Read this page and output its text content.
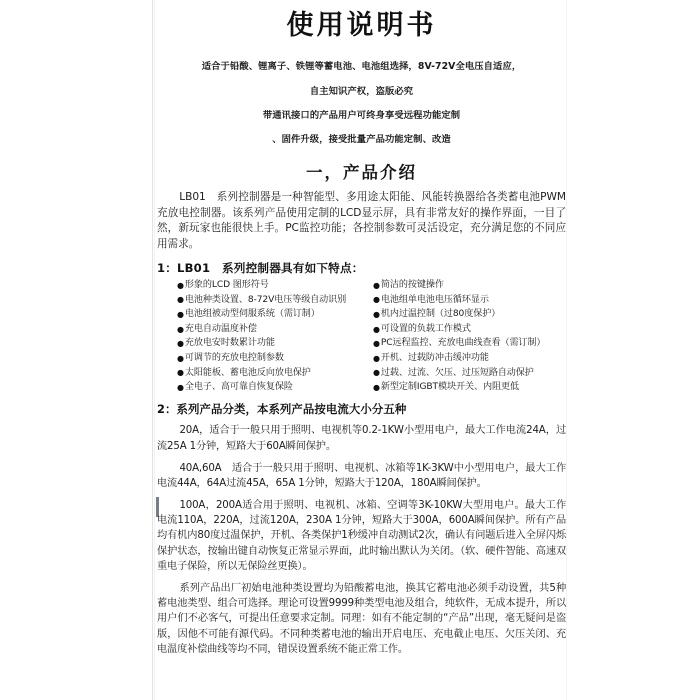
使用说明书

适合于铅酸、锂离子、铁锂等蓄电池、电池组选择，8V-72V全电压自适应，

自主知识产权，盗版必究

带通讯接口的产品用户可终身享受远程功能定制

、固件升级，接受批量产品功能定制、改造

一，产品介绍

LB01　系列控制器是一种智能型、多用途太阳能、风能转换器给各类蓄电池PWM充放电控制器。该系列产品使用定制的LCD显示屏，具有非常友好的操作界面，一目了然，新玩家也能很快上手。PC监控功能；各控制参数可灵活设定，充分满足您的不同应用需求。

1：LB01　系列控制器具有如下特点：
● 形象的LCD 图形符号	● 简洁的按键操作
● 电池种类设置、8-72V电压等级自动识别	● 电池组单电池电压循环显示
● 电池组被动型伺服系统（需订制）	● 机内过温控制（过80度保护）
● 充电自动温度补偿	● 可设置的负载工作模式
● 充放电安时数累计功能	● PC远程监控、充放电曲线查看（需订制）
● 可调节的充放电控制参数	● 开机、过载防冲击缓冲功能
● 太阳能板、蓄电池反向放电保护	● 过载、过流、欠压、过压短路自动保护
● 全电子、高可靠自恢复保险	● 新型定制IGBT模块开关、内阻更低
2：系列产品分类，本系列产品按电流大小分五种

20A，适合于一般只用于照明、电视机等0.2-1KW小型用电户，最大工作电流24A，过流25A 1分钟，短路大于60A瞬间保护。

40A,60A　适合于一般只用于照明、电视机、冰箱等1K-3KW中小型用电户，最大工作电流44A，64A过流45A，65A 1分钟，短路大于120A，180A瞬间保护。

100A，200A适合用于照明、电视机、冰箱、空调等3K-10KW大型用电户。最大工作电流110A，220A，过流120A，230A 1分钟，短路大于300A，600A瞬间保护。所有产品均有机内80度过温保护，开机、各类保护1秒缓冲自动测试2次，确认有问题后进入全屏闪烁保护状态，按输出键自动恢复正常显示界面，此时输出默认为关闭。（软、硬件智能、高速双重电子保险，所以无保险丝更换）。

系列产品出厂初始电池种类设置均为铅酸蓄电池，换其它蓄电池必须手动设置，共5种蓄电池类型、组合可选择。理论可设置9999种类型电池及组合，纯软件，无成本提升，所以用户们不必客气，可提出任意要求定制。同理：如有不能定制的“产品”出现，毫无疑问是盗版，因他不可能有源代码。不同种类蓄电池的输出开启电压、充电截止电压、欠压关闭、充电温度补偿曲线等均不同，错误设置系统不能正常工作。
